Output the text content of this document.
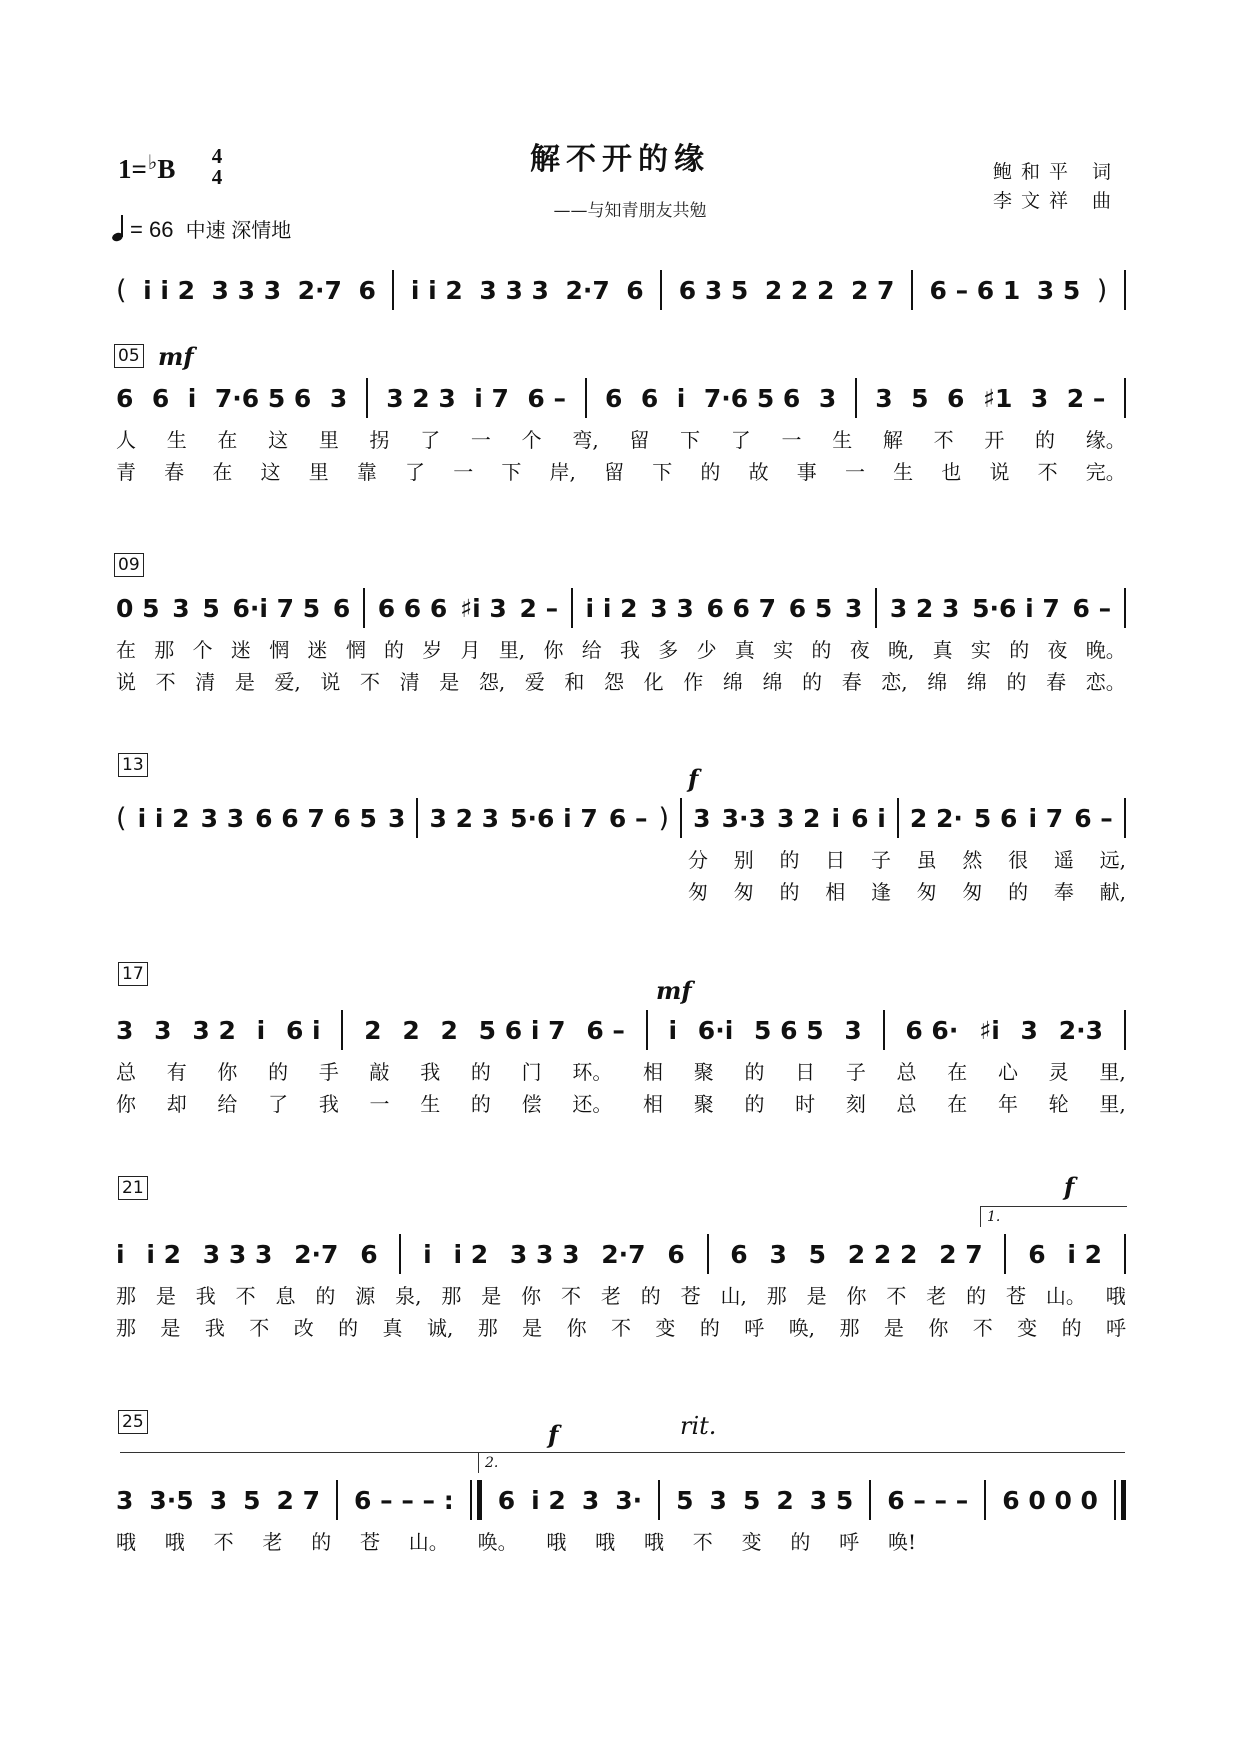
1=♭B 4
4
= 66 中速 深情地
解不开的缘
——与知青朋友共勉
鲍和平 词
李文祥 曲
( i i 2 3 3 3 2·7 6 i i 2 3 3 3 2·7 6 6 3 5 2 2 2 2 7 6 – 6 1 3 5 )
05 mf
6 6 i 7·6 5 6 3 3 2 3 i 7 6 – 6 6 i 7·6 5 6 3 3 5 6 ♯1 3 2 –
人 生 在 这 里 拐 了 一 个 弯, 留 下 了 一 生 解 不 开 的 缘。
青 春 在 这 里 靠 了 一 下 岸, 留 下 的 故 事 一 生 也 说 不 完。
09
0 5 3 5 6·i 7 5 6 6 6 6 ♯i 3 2 – i i 2 3 3 6 6 7 6 5 3 3 2 3 5·6 i 7 6 –
在 那 个 迷 惘 迷 惘 的 岁 月 里, 你 给 我 多 少 真 实 的 夜 晚, 真 实 的 夜 晚。
说 不 清 是 爱, 说 不 清 是 怨, 爱 和 怨 化 作 绵 绵 的 春 恋, 绵 绵 的 春 恋。
13	f
( i i 2 3 3 6 6 7 6 5 3 3 2 3 5·6 i 7 6 – ) 3 3·3 3 2 i 6 i 2 2· 5 6 i 7 6 –
分 别 的 日 子 虽 然 很 遥 远,
匆 匆 的 相 逢 匆 匆 的 奉 献,
17
mf
3 3 3 2 i 6 i 2 2 2 5 6 i 7 6 – i 6·i 5 6 5 3 6 6· ♯i 3 2·3
总 有 你 的 手 敲 我 的 门 环。 相 聚 的 日 子 总 在 心 灵 里,
你 却 给 了 我 一 生 的 偿 还。 相 聚 的 时 刻 总 在 年 轮 里,
21	f
1.
i i 2 3 3 3 2·7 6 i i 2 3 3 3 2·7 6 6 3 5 2 2 2 2 7 6 i 2
那 是 我 不 息 的 源 泉, 那 是 你 不 老 的 苍 山, 那 是 你 不 老 的 苍 山。 哦
那 是 我 不 改 的 真 诚, 那 是 你 不 变 的 呼 唤, 那 是 你 不 变 的 呼
25	f	rit.
2.
3 3·5 3 5 2 7 6 – – – : 6 i 2 3 3· 5 3 5 2 3 5 6 – – – 6 0 0 0
哦 哦 不 老 的 苍 山。 唤。 哦 哦 哦 不 变 的 呼 唤!
